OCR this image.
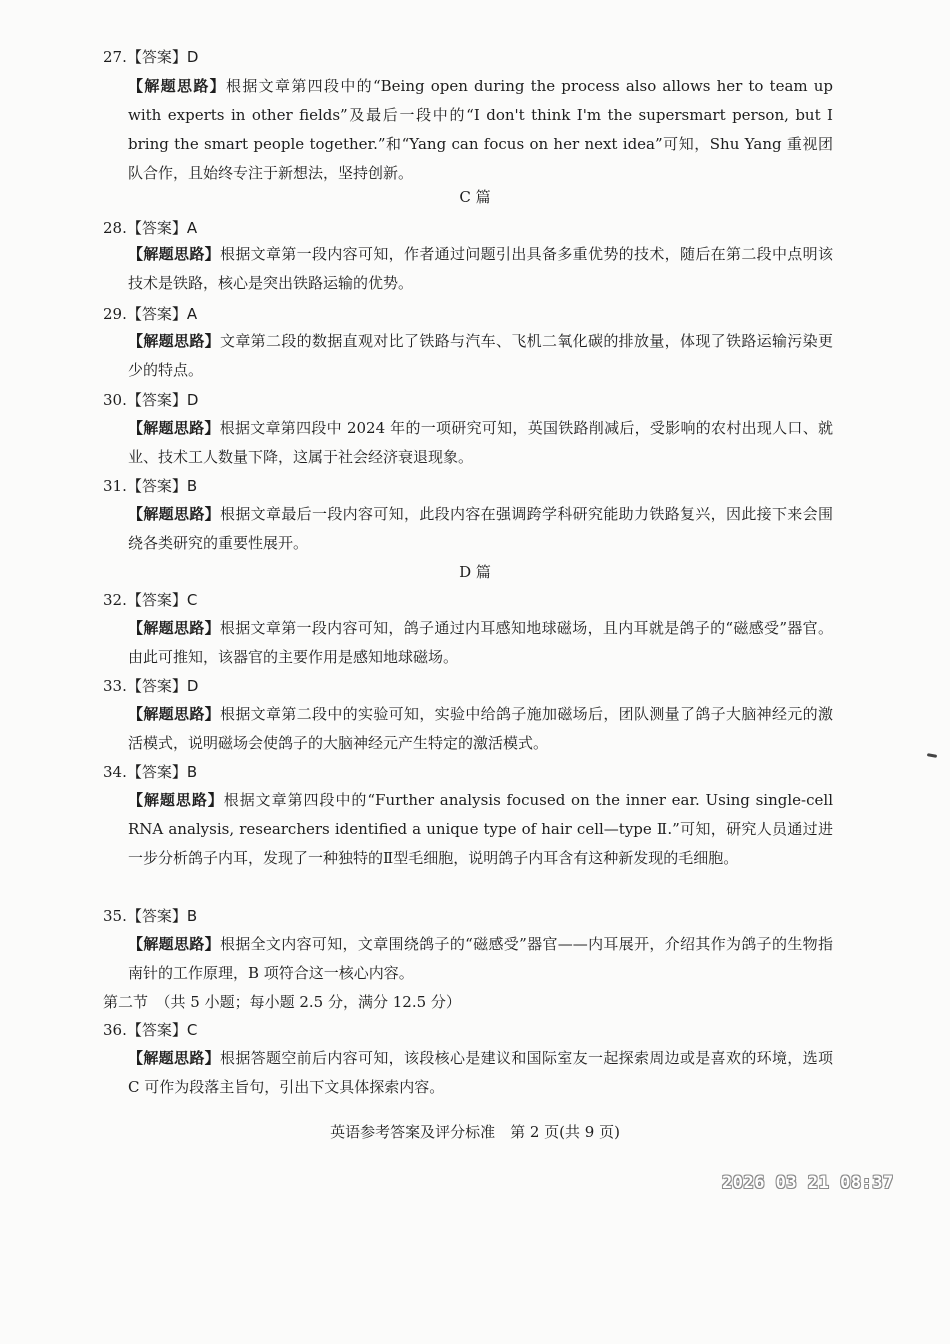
27.【答案】D
【解题思路】根据文章第四段中的“Being open during the process also allows her to team up with experts in other fields”及最后一段中的“I don't think I'm the supersmart person, but I bring the smart people together.”和“Yang can focus on her next idea”可知，Shu Yang 重视团队合作，且始终专注于新想法，坚持创新。
C 篇
28.【答案】A
【解题思路】根据文章第一段内容可知，作者通过问题引出具备多重优势的技术，随后在第二段中点明该技术是铁路，核心是突出铁路运输的优势。
29.【答案】A
【解题思路】文章第二段的数据直观对比了铁路与汽车、飞机二氧化碳的排放量，体现了铁路运输污染更少的特点。
30.【答案】D
【解题思路】根据文章第四段中 2024 年的一项研究可知，英国铁路削减后，受影响的农村出现人口、就业、技术工人数量下降，这属于社会经济衰退现象。
31.【答案】B
【解题思路】根据文章最后一段内容可知，此段内容在强调跨学科研究能助力铁路复兴，因此接下来会围绕各类研究的重要性展开。
D 篇
32.【答案】C
【解题思路】根据文章第一段内容可知，鸽子通过内耳感知地球磁场，且内耳就是鸽子的“磁感受”器官。由此可推知，该器官的主要作用是感知地球磁场。
33.【答案】D
【解题思路】根据文章第二段中的实验可知，实验中给鸽子施加磁场后，团队测量了鸽子大脑神经元的激活模式，说明磁场会使鸽子的大脑神经元产生特定的激活模式。
34.【答案】B
【解题思路】根据文章第四段中的“Further analysis focused on the inner ear. Using single-cell RNA analysis, researchers identified a unique type of hair cell—type Ⅱ.”可知，研究人员通过进一步分析鸽子内耳，发现了一种独特的Ⅱ型毛细胞，说明鸽子内耳含有这种新发现的毛细胞。
35.【答案】B
【解题思路】根据全文内容可知，文章围绕鸽子的“磁感受”器官——内耳展开，介绍其作为鸽子的生物指南针的工作原理，B 项符合这一核心内容。
第二节　（共 5 小题；每小题 2.5 分，满分 12.5 分）
36.【答案】C
【解题思路】根据答题空前后内容可知，该段核心是建议和国际室友一起探索周边或是喜欢的环境，选项 C 可作为段落主旨句，引出下文具体探索内容。
英语参考答案及评分标准　第 2 页(共 9 页)
2026 03 21 08:37
